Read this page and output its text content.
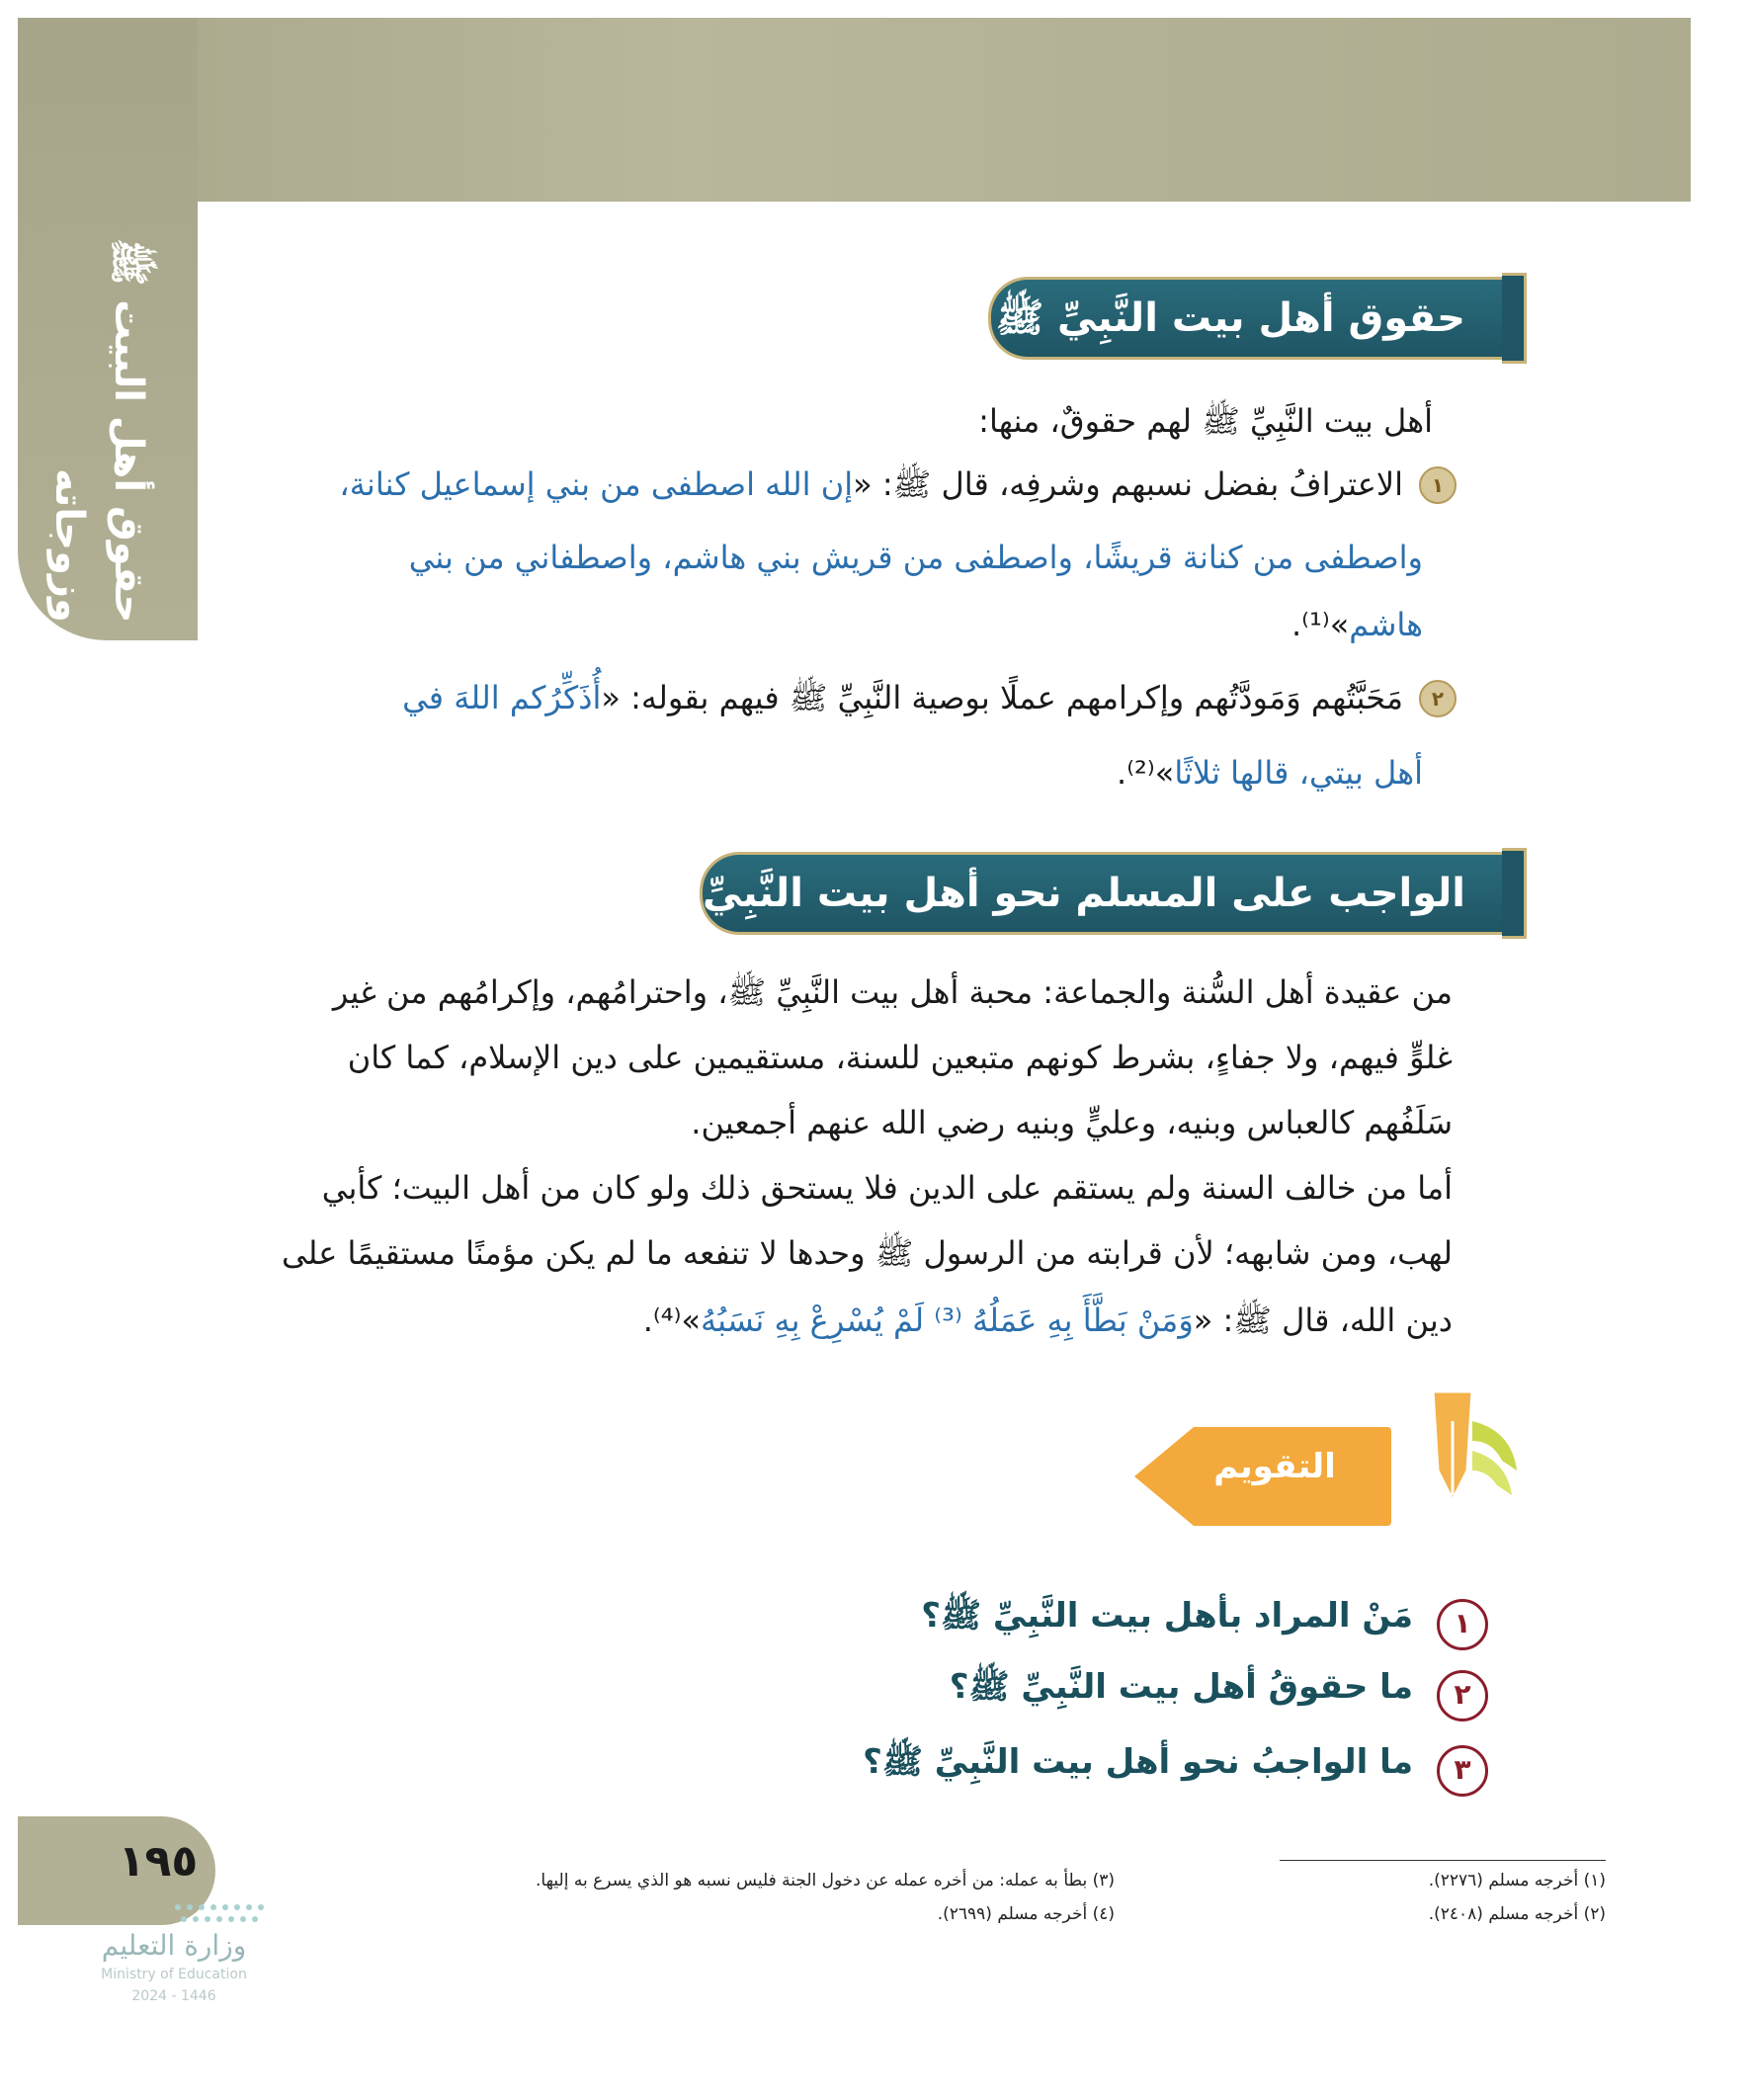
حقوق أهل البيت ﷺ وزوجاته
حقوق أهل بيت النَّبِيِّ ﷺ
أهل بيت النَّبِيِّ ﷺ لهم حقوقٌ، منها:
١
الاعترافُ بفضل نسبهم وشرفِه، قال ﷺ: «إن الله اصطفى من بني إسماعيل كنانة،
واصطفى من كنانة قريشًا، واصطفى من قريش بني هاشم، واصطفاني من بني
هاشم»⁽¹⁾.
٢
مَحَبَّتُهم وَمَودَّتُهم وإكرامهم عملًا بوصية النَّبِيِّ ﷺ فيهم بقوله: «أُذَكِّرُكم اللهَ في
أهل بيتي، قالها ثلاثًا»⁽²⁾.
الواجب على المسلم نحو أهل بيت النَّبِيِّ ﷺ
من عقيدة أهل السُّنة والجماعة: محبة أهل بيت النَّبِيِّ ﷺ، واحترامُهم، وإكرامُهم من غير
غلوٍّ فيهم، ولا جفاءٍ، بشرط كونهم متبعين للسنة، مستقيمين على دين الإسلام، كما كان
سَلَفُهم كالعباس وبنيه، وعليٍّ وبنيه رضي الله عنهم أجمعين.
أما من خالف السنة ولم يستقم على الدين فلا يستحق ذلك ولو كان من أهل البيت؛ كأبي
لهب، ومن شابهه؛ لأن قرابته من الرسول ﷺ وحدها لا تنفعه ما لم يكن مؤمنًا مستقيمًا على
دين الله، قال ﷺ: «وَمَنْ بَطَّأَ بِهِ عَمَلُهُ ⁽³⁾ لَمْ يُسْرِعْ بِهِ نَسَبُهُ»⁽⁴⁾.
التقويم
١
مَنْ المراد بأهل بيت النَّبِيِّ ﷺ؟
٢
ما حقوقُ أهل بيت النَّبِيِّ ﷺ؟
٣
ما الواجبُ نحو أهل بيت النَّبِيِّ ﷺ؟
(١) أخرجه مسلم (٢٢٧٦).
(٢) أخرجه مسلم (٢٤٠٨).
(٣) بطأ به عمله: من أخره عمله عن دخول الجنة فليس نسبه هو الذي يسرع به إليها.
(٤) أخرجه مسلم (٢٦٩٩).
١٩٥
وزارة التعليم
Ministry of Education
2024 - 1446
